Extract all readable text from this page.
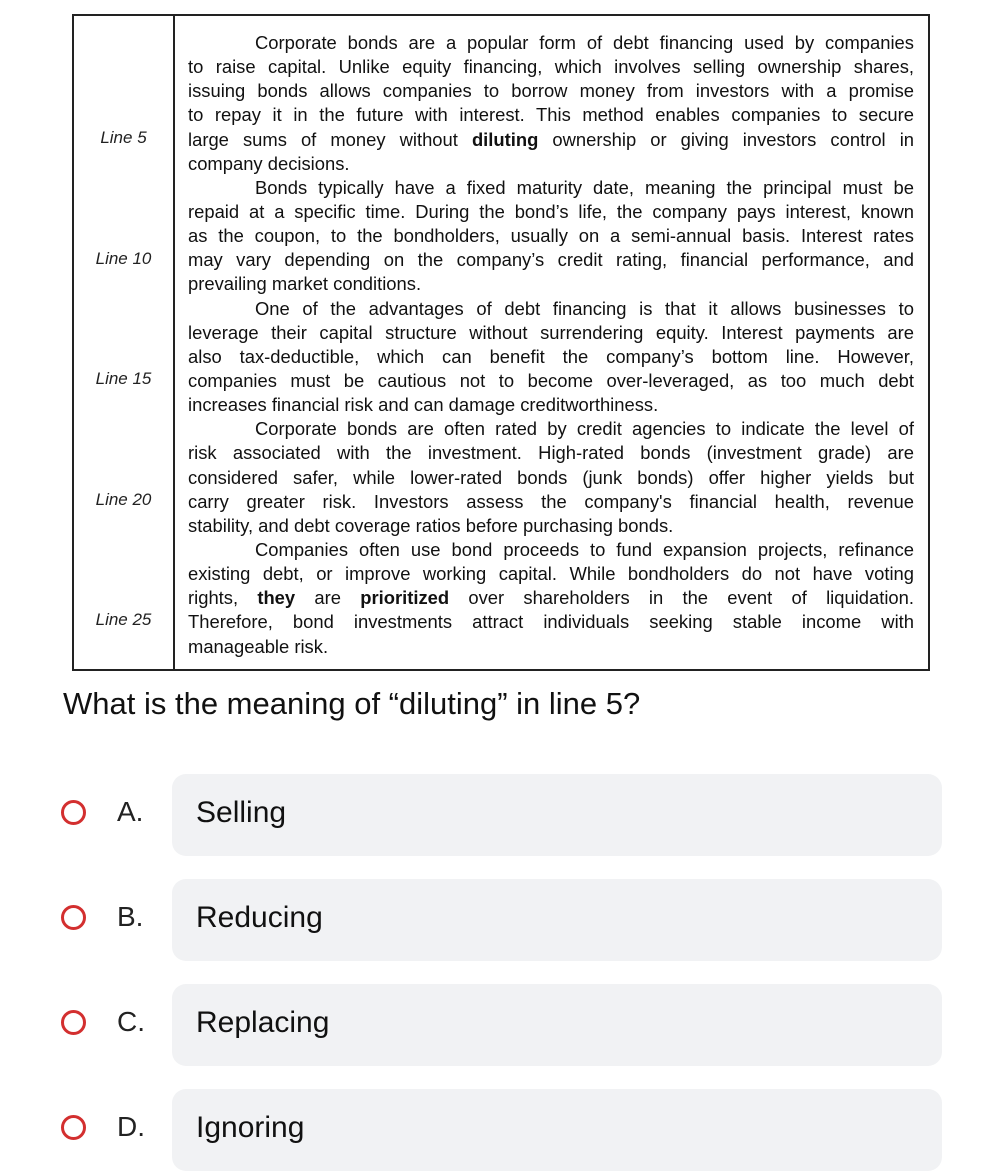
Line 5
Line 10
Line 15
Line 20
Line 25
Corporate bonds are a popular form of debt financing used by companies
to raise capital. Unlike equity financing, which involves selling ownership shares,
issuing bonds allows companies to borrow money from investors with a promise
to repay it in the future with interest. This method enables companies to secure
large sums of money without diluting ownership or giving investors control in
company decisions.
Bonds typically have a fixed maturity date, meaning the principal must be
repaid at a specific time. During the bond’s life, the company pays interest, known
as the coupon, to the bondholders, usually on a semi-annual basis. Interest rates
may vary depending on the company’s credit rating, financial performance, and
prevailing market conditions.
One of the advantages of debt financing is that it allows businesses to
leverage their capital structure without surrendering equity. Interest payments are
also tax-deductible, which can benefit the company’s bottom line. However,
companies must be cautious not to become over-leveraged, as too much debt
increases financial risk and can damage creditworthiness.
Corporate bonds are often rated by credit agencies to indicate the level of
risk associated with the investment. High-rated bonds (investment grade) are
considered safer, while lower-rated bonds (junk bonds) offer higher yields but
carry greater risk. Investors assess the company's financial health, revenue
stability, and debt coverage ratios before purchasing bonds.
Companies often use bond proceeds to fund expansion projects, refinance
existing debt, or improve working capital. While bondholders do not have voting
rights, they are prioritized over shareholders in the event of liquidation.
Therefore, bond investments attract individuals seeking stable income with
manageable risk.
What is the meaning of “diluting” in line 5?
A. Selling
B. Reducing
C. Replacing
D. Ignoring
